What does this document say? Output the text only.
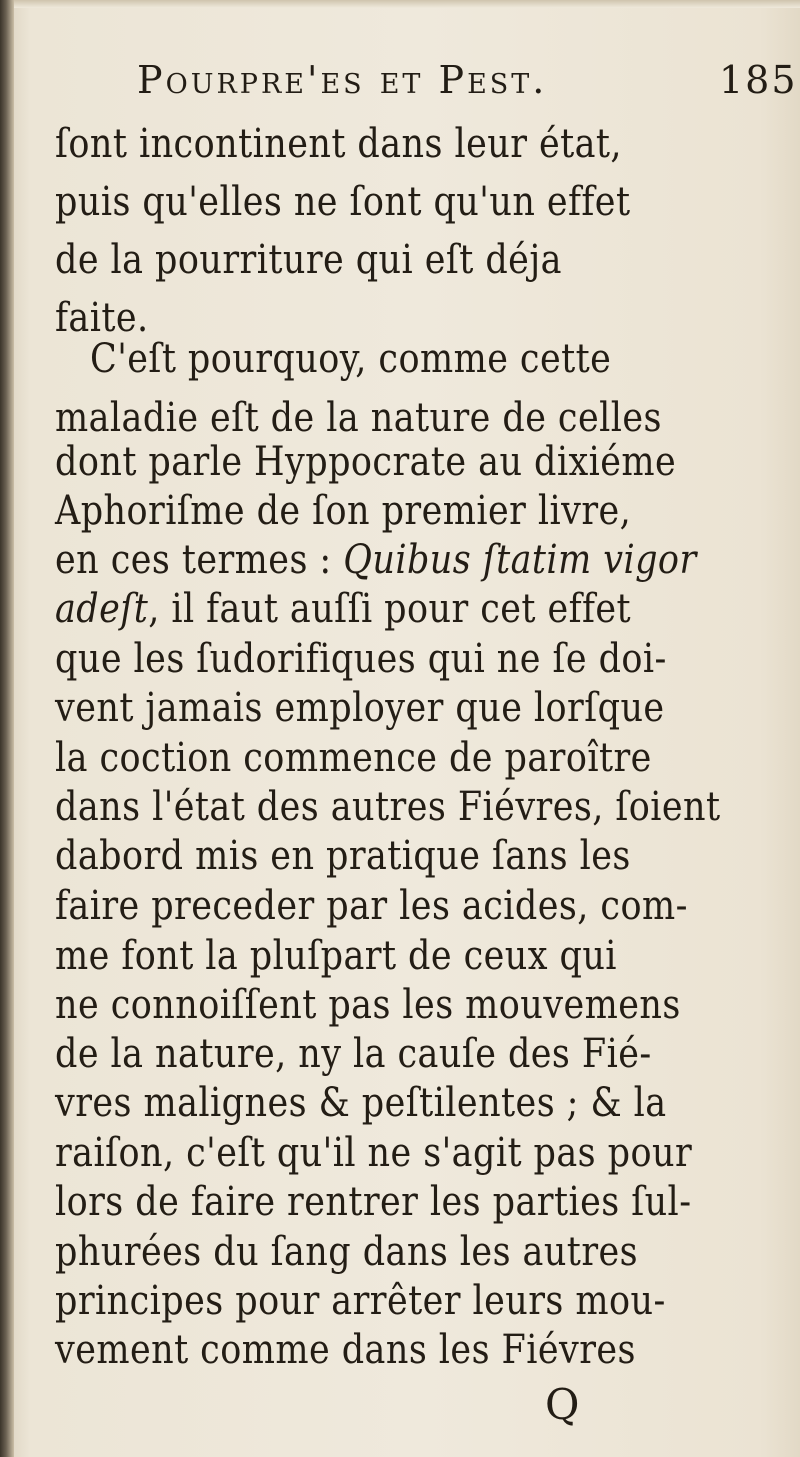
Pourpre'es et Pest.	185
ſont incontinent dans leur état,
puis qu'elles ne ſont qu'un effet
de la pourriture qui eſt déja
faite.
C'eſt pourquoy, comme cette
maladie eſt de la nature de celles
dont parle Hyppocrate au dixiéme
Aphoriſme de ſon premier livre,
en ces termes : Quibus ſtatim vigor
adeſt, il faut auſſi pour cet effet
que les ſudorifiques qui ne ſe doi-
vent jamais employer que lorſque
la coction commence de paroître
dans l'état des autres Fiévres, ſoient
dabord mis en pratique ſans les
faire preceder par les acides, com-
me font la pluſpart de ceux qui
ne connoiſſent pas les mouvemens
de la nature, ny la cauſe des Fié-
vres malignes & peſtilentes ; & la
raiſon, c'eſt qu'il ne s'agit pas pour
lors de faire rentrer les parties ſul-
phurées du ſang dans les autres
principes pour arrêter leurs mou-
vement comme dans les Fiévres
Q
